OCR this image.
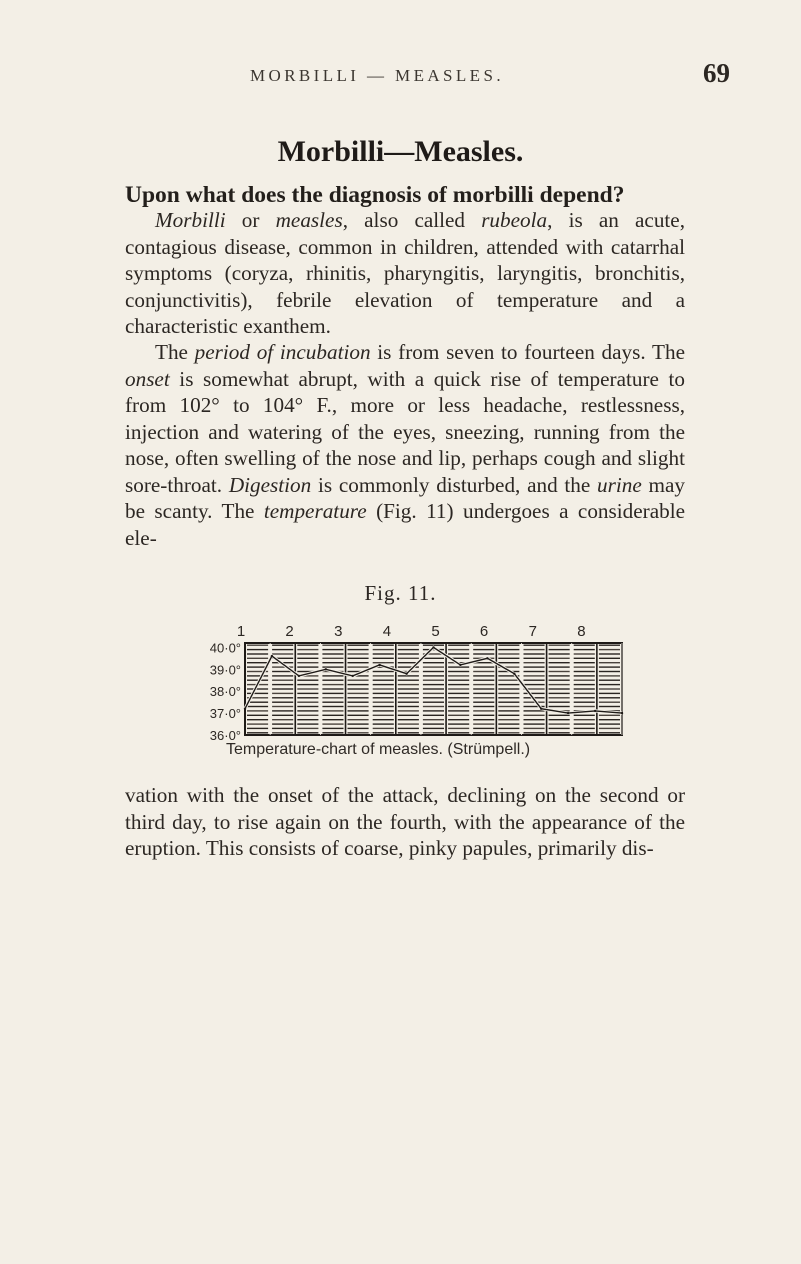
MORBILLI — MEASLES.	69
Morbilli—Measles.
Upon what does the diagnosis of morbilli depend?

Morbilli or measles, also called rubeola, is an acute, contagious disease, common in children, attended with catarrhal symptoms (coryza, rhinitis, pharyngitis, laryngitis, bronchitis, conjunctivitis), febrile elevation of temperature and a characteristic exanthem.

The period of incubation is from seven to fourteen days. The onset is somewhat abrupt, with a quick rise of temperature to from 102° to 104° F., more or less headache, restlessness, injection and watering of the eyes, sneezing, running from the nose, often swelling of the nose and lip, perhaps cough and slight sore-throat. Digestion is commonly disturbed, and the urine may be scanty. The temperature (Fig. 11) undergoes a considerable ele-

Fig. 11.
1	2	3	4	5	6	7	8
40·0°
39·0°
38·0°
37·0°
36·0°
Temperature-chart of measles. (Strümpell.)

vation with the onset of the attack, declining on the second or third day, to rise again on the fourth, with the appearance of the eruption. This consists of coarse, pinky papules, primarily dis-
